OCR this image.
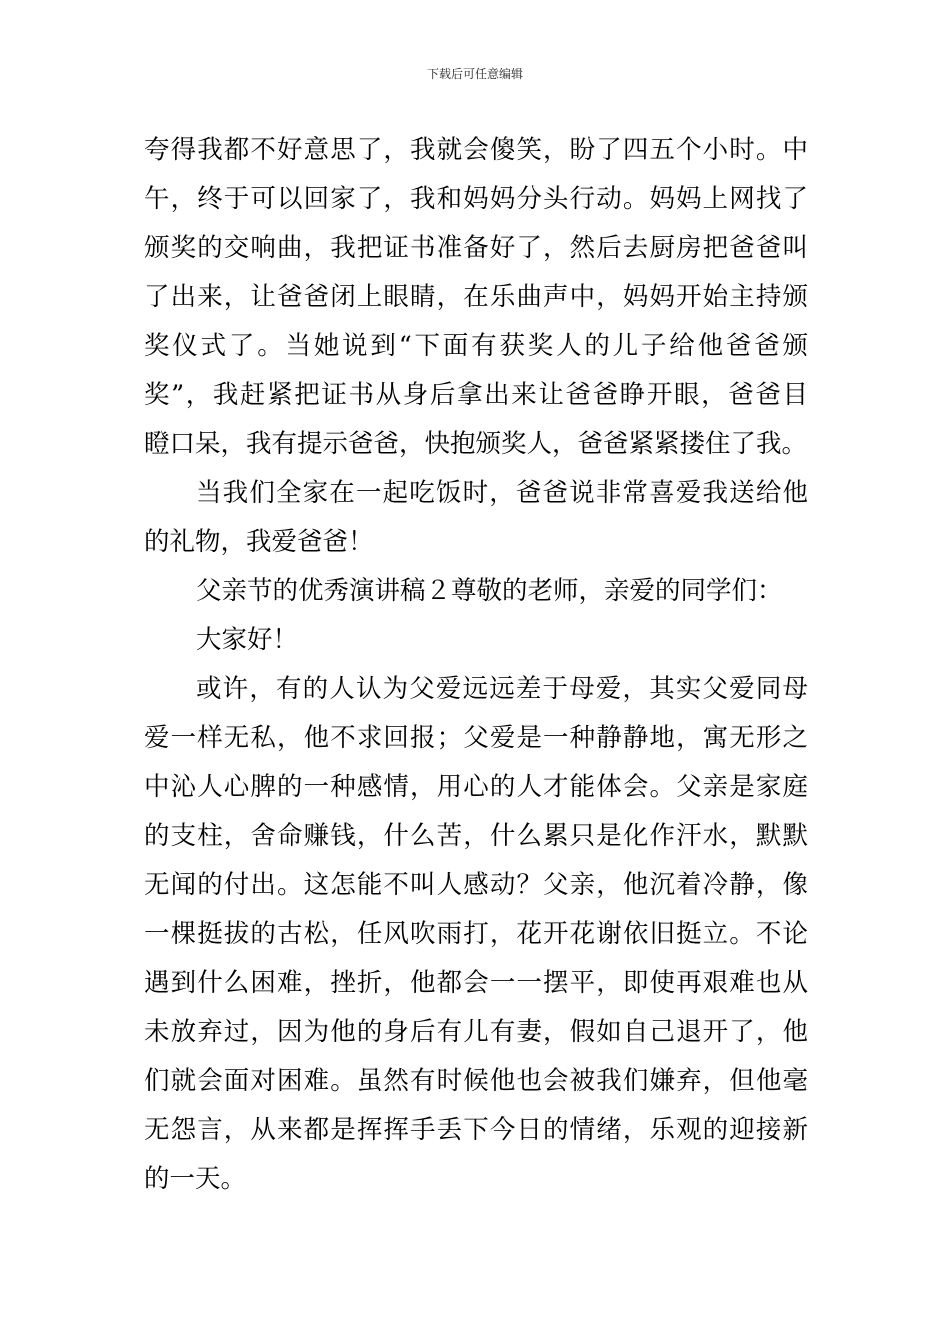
下载后可任意编辑
夸得我都不好意思了，我就会傻笑，盼了四五个小时。中
午，终于可以回家了，我和妈妈分头行动。妈妈上网找了
颁奖的交响曲，我把证书准备好了，然后去厨房把爸爸叫
了出来，让爸爸闭上眼睛，在乐曲声中，妈妈开始主持颁
奖仪式了。当她说到“下面有获奖人的儿子给他爸爸颁
奖”，我赶紧把证书从身后拿出来让爸爸睁开眼，爸爸目
瞪口呆，我有提示爸爸，快抱颁奖人，爸爸紧紧搂住了我。
当我们全家在一起吃饭时，爸爸说非常喜爱我送给他
的礼物，我爱爸爸！
父亲节的优秀演讲稿２尊敬的老师，亲爱的同学们：
大家好！
或许，有的人认为父爱远远差于母爱，其实父爱同母
爱一样无私，他不求回报；父爱是一种静静地，寓无形之
中沁人心脾的一种感情，用心的人才能体会。父亲是家庭
的支柱，舍命赚钱，什么苦，什么累只是化作汗水，默默
无闻的付出。这怎能不叫人感动？父亲，他沉着冷静，像
一棵挺拔的古松，任风吹雨打，花开花谢依旧挺立。不论
遇到什么困难，挫折，他都会一一摆平，即使再艰难也从
未放弃过，因为他的身后有儿有妻，假如自己退开了，他
们就会面对困难。虽然有时候他也会被我们嫌弃，但他毫
无怨言，从来都是挥挥手丢下今日的情绪，乐观的迎接新
的一天。
